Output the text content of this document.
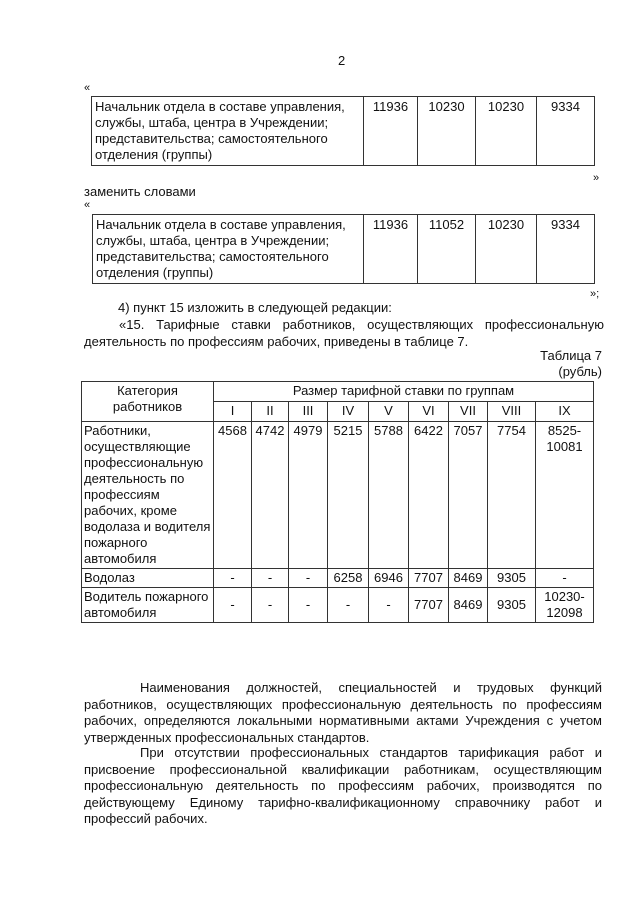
2
«
Начальник отдела в составе управления, службы, штаба, центра в Учреждении; представительства; самостоятельного отделения (группы)	11936	10230	10230	9334
»
заменить словами
«
Начальник отдела в составе управления, службы, штаба, центра в Учреждении; представительства; самостоятельного отделения (группы)	11936	11052	10230	9334
»;
4) пункт 15 изложить в следующей редакции:
«15. Тарифные ставки работников, осуществляющих профессиональную деятельность по профессиям рабочих, приведены в таблице 7.
Таблица 7
(рубль)
Категория работников	Размер тарифной ставки по группам								
	I	II	III	IV	V	VI	VII	VIII	IX
Работники, осуществляющие профессиональную деятельность по профессиям рабочих, кроме водолаза и водителя пожарного автомобиля	4568	4742	4979	5215	5788	6422	7057	7754	8525-10081
Водолаз	-	-	-	6258	6946	7707	8469	9305	-
Водитель пожарного автомобиля	-	-	-	-	-	7707	8469	9305	10230-12098

Наименования должностей, специальностей и трудовых функций работников, осуществляющих профессиональную деятельность по профессиям рабочих, определяются локальными нормативными актами Учреждения с учетом утвержденных профессиональных стандартов.

При отсутствии профессиональных стандартов тарификация работ и присвоение профессиональной квалификации работникам, осуществляющим профессиональную деятельность по профессиям рабочих, производятся по действующему Единому тарифно-квалификационному справочнику работ и профессий рабочих.
